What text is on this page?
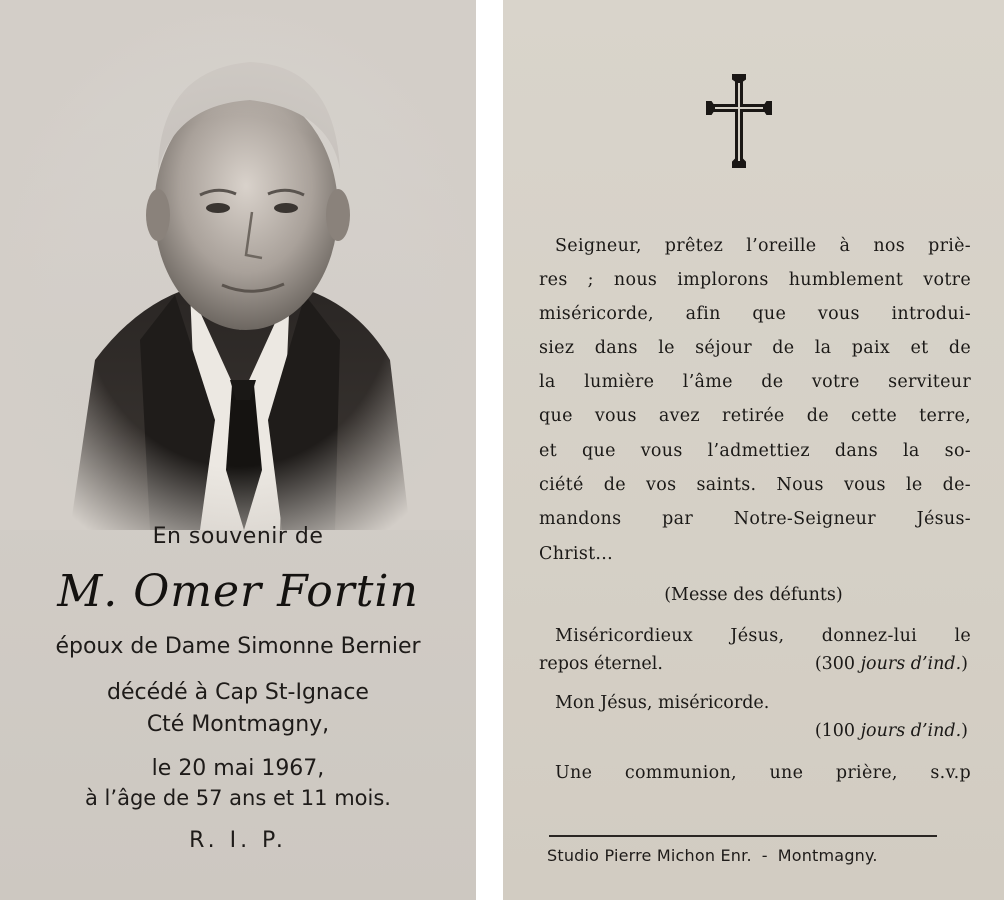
En souvenir de
M. Omer Fortin
époux de Dame Simonne Bernier
décédé à Cap St-Ignace
Cté Montmagny,
le 20 mai 1967,
à l’âge de 57 ans et 11 mois.
R. I. P.
Seigneur, prêtez l’oreille à nos priè-
res ; nous implorons humblement votre
miséricorde, afin que vous introdui-
siez dans le séjour de la paix et de
la lumière l’âme de votre serviteur
que vous avez retirée de cette terre,
et que vous l’admettiez dans la so-
ciété de vos saints. Nous vous le de-
mandons par Notre-Seigneur Jésus-
Christ...
(Messe des défunts)
Miséricordieux Jésus, donnez-lui le
repos éternel.	(300 jours d’ind.)
Mon Jésus, miséricorde.
(100 jours d’ind.)
Une communion, une prière, s.v.p
Studio Pierre Michon Enr. - Montmagny.
